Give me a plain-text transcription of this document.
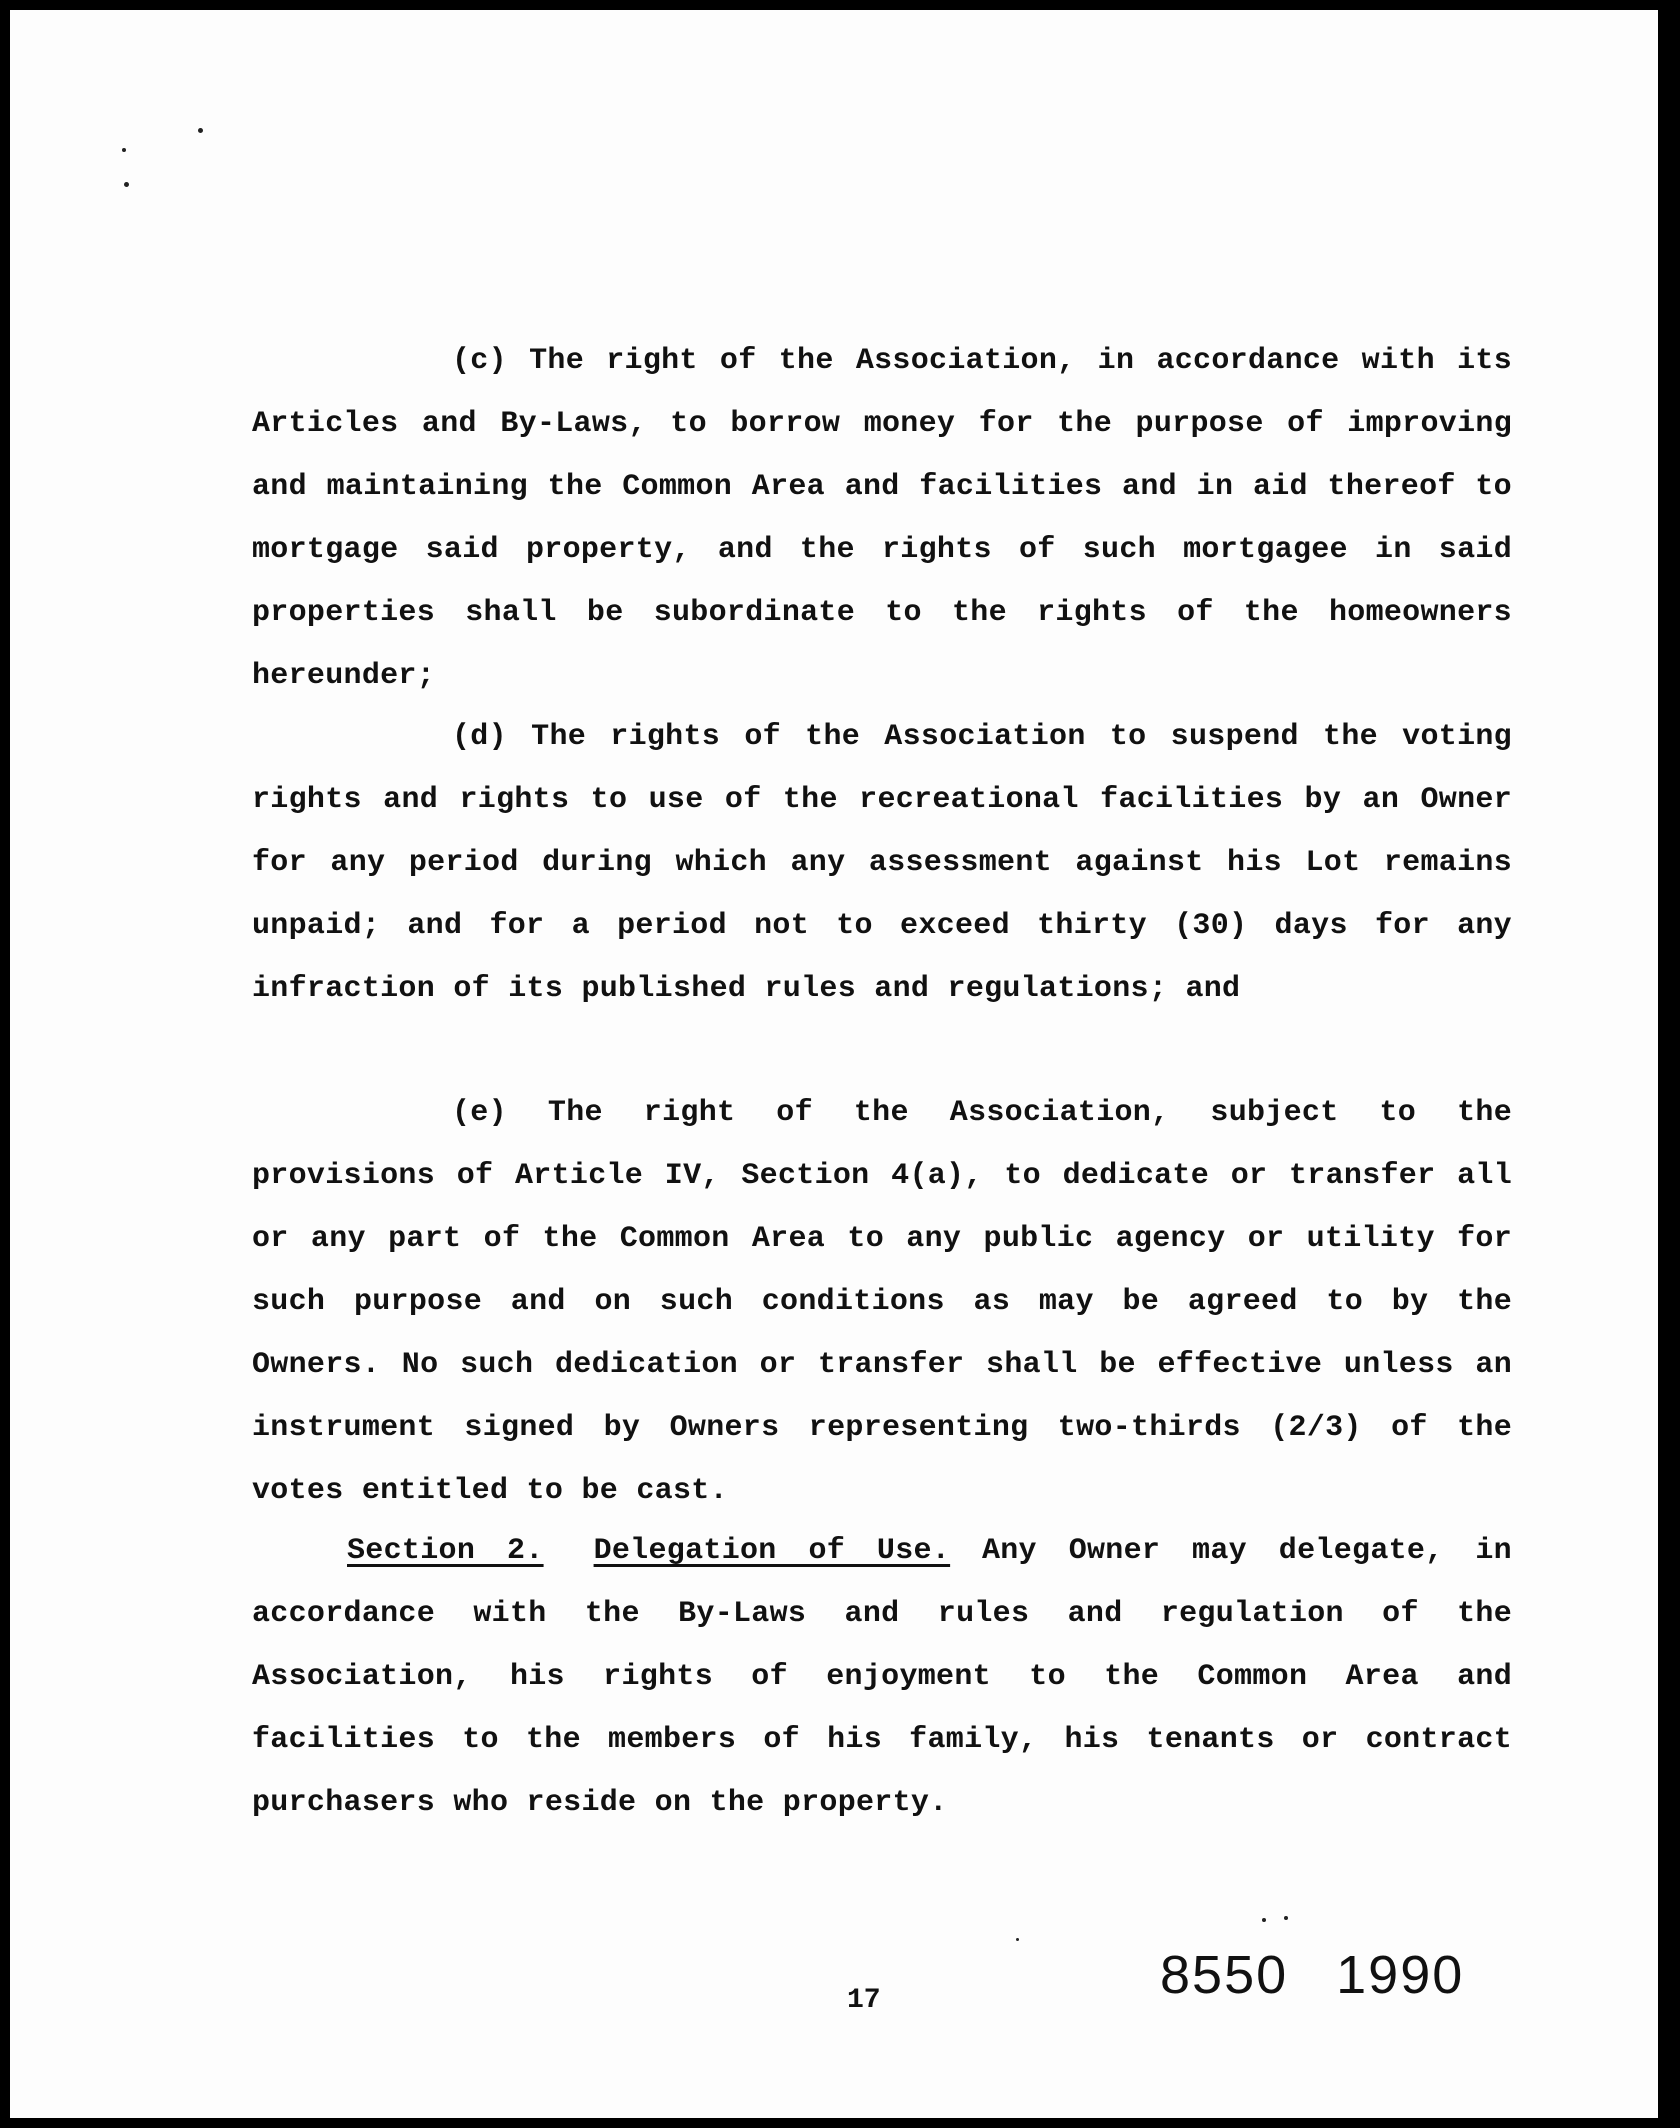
(c) The right of the Association, in accordance with its Articles and By-Laws, to borrow money for the purpose of improving and maintaining the Common Area and facilities and in aid thereof to mortgage said property, and the rights of such mortgagee in said properties shall be subordinate to the rights of the homeowners hereunder;

(d) The rights of the Association to suspend the voting rights and rights to use of the recreational facilities by an Owner for any period during which any assessment against his Lot remains unpaid; and for a period not to exceed thirty (30) days for any infraction of its published rules and regulations; and

(e) The right of the Association, subject to the provisions of Article IV, Section 4(a), to dedicate or transfer all or any part of the Common Area to any public agency or utility for such purpose and on such conditions as may be agreed to by the Owners. No such dedication or transfer shall be effective unless an instrument signed by Owners representing two-thirds (2/3) of the votes entitled to be cast.

Section 2. Delegation of Use. Any Owner may delegate, in accordance with the By-Laws and rules and regulation of the Association, his rights of enjoyment to the Common Area and facilities to the members of his family, his tenants or contract purchasers who reside on the property.

17	8550 1990
